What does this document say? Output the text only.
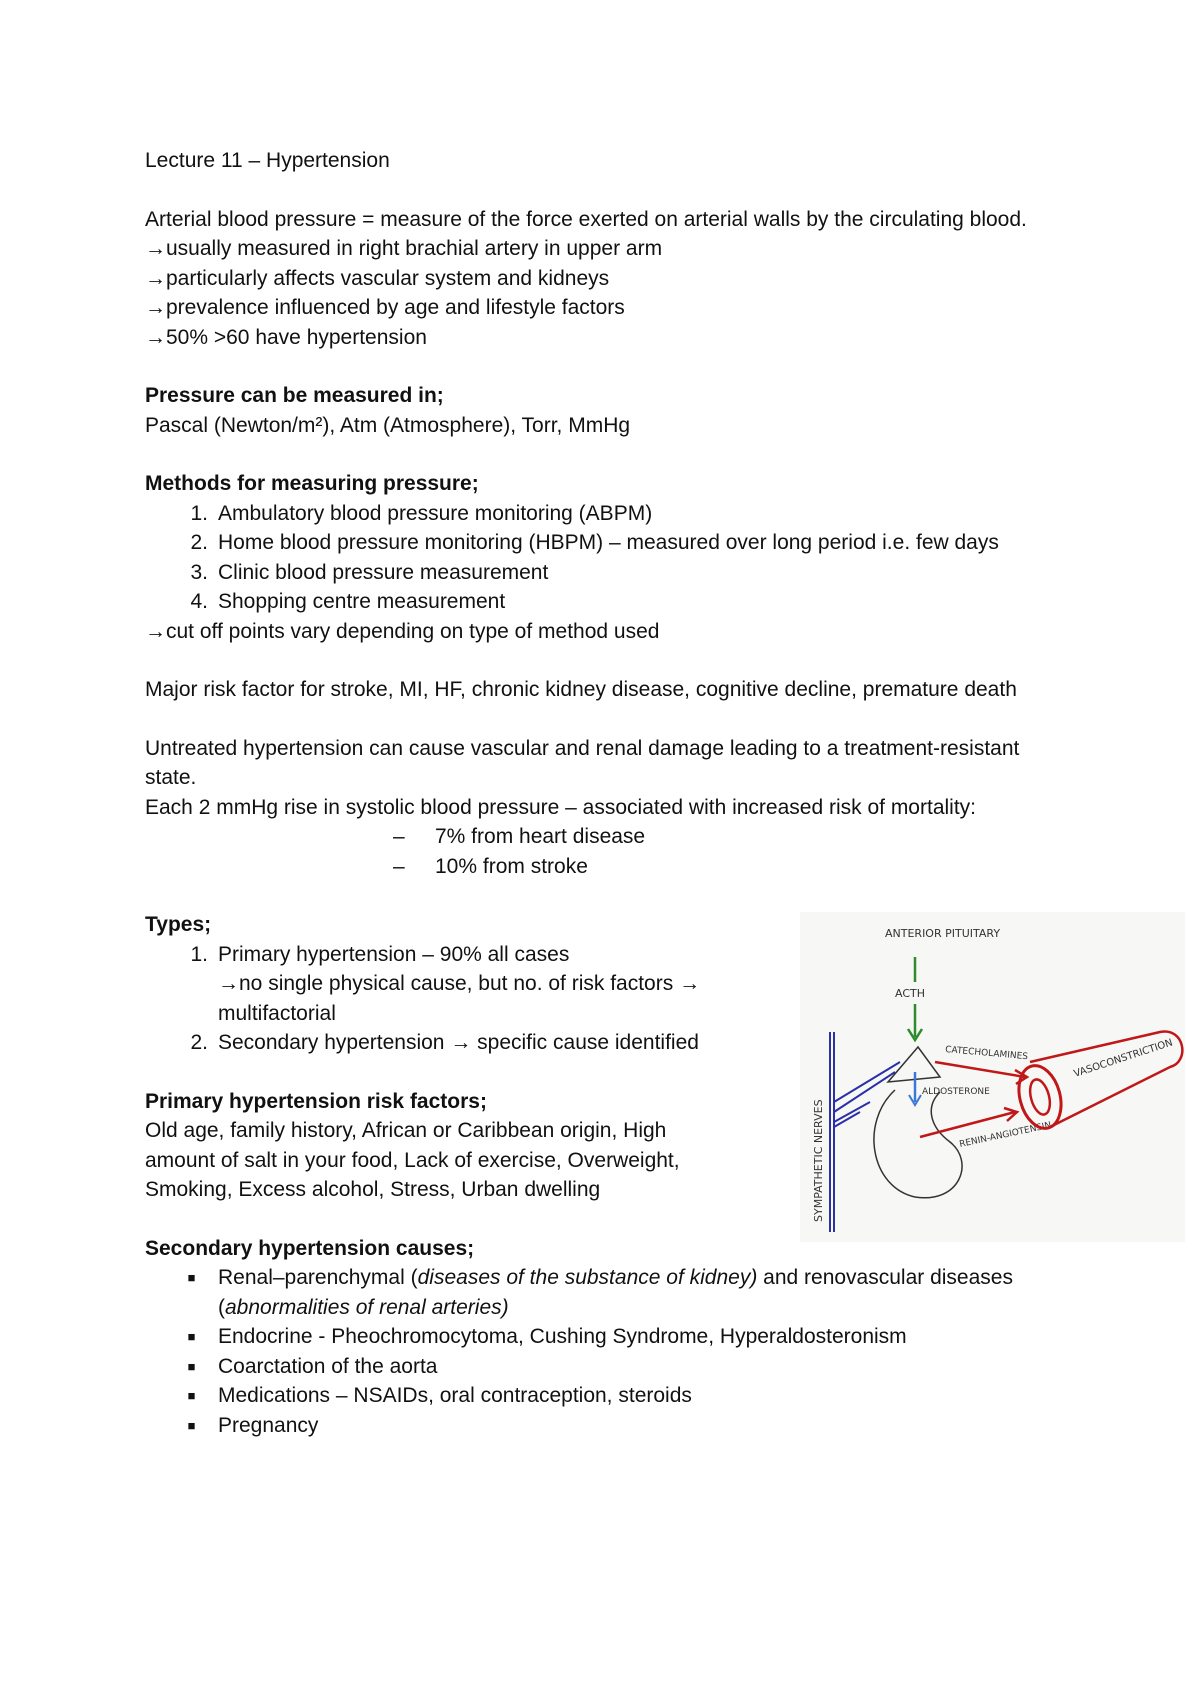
Lecture 11 – Hypertension

Arterial blood pressure = measure of the force exerted on arterial walls by the circulating blood.

→ usually measured in right brachial artery in upper arm

→ particularly affects vascular system and kidneys

→ prevalence influenced by age and lifestyle factors

→ 50% >60 have hypertension

Pressure can be measured in;

Pascal (Newton/m²), Atm (Atmosphere), Torr, MmHg

Methods for measuring pressure;

1. Ambulatory blood pressure monitoring (ABPM)
2. Home blood pressure monitoring (HBPM) – measured over long period i.e. few days
3. Clinic blood pressure measurement
4. Shopping centre measurement

→ cut off points vary depending on type of method used

Major risk factor for stroke, MI, HF, chronic kidney disease, cognitive decline, premature death

Untreated hypertension can cause vascular and renal damage leading to a treatment-resistant state.

Each 2 mmHg rise in systolic blood pressure – associated with increased risk of mortality:

–	7% from heart disease
–	10% from stroke

Types;

1. Primary hypertension – 90% all cases
→ no single physical cause, but no. of risk factors →
multifactorial
2. Secondary hypertension → specific cause identified

Primary hypertension risk factors;

Old age, family history, African or Caribbean origin, High amount of salt in your food, Lack of exercise, Overweight, Smoking, Excess alcohol, Stress, Urban dwelling

Secondary hypertension causes;

■	Renal–parenchymal (diseases of the substance of kidney) and renovascular diseases (abnormalities of renal arteries)
■	Endocrine - Pheochromocytoma, Cushing Syndrome, Hyperaldosteronism
■	Coarctation of the aorta
■	Medications – NSAIDs, oral contraception, steroids
■	Pregnancy
SYMPATHETIC NERVES
ANTERIOR PITUITARY
ACTH
ALDOSTERONE
CATECHOLAMINES
RENIN-ANGIOTENSIN
VASOCONSTRICTION
